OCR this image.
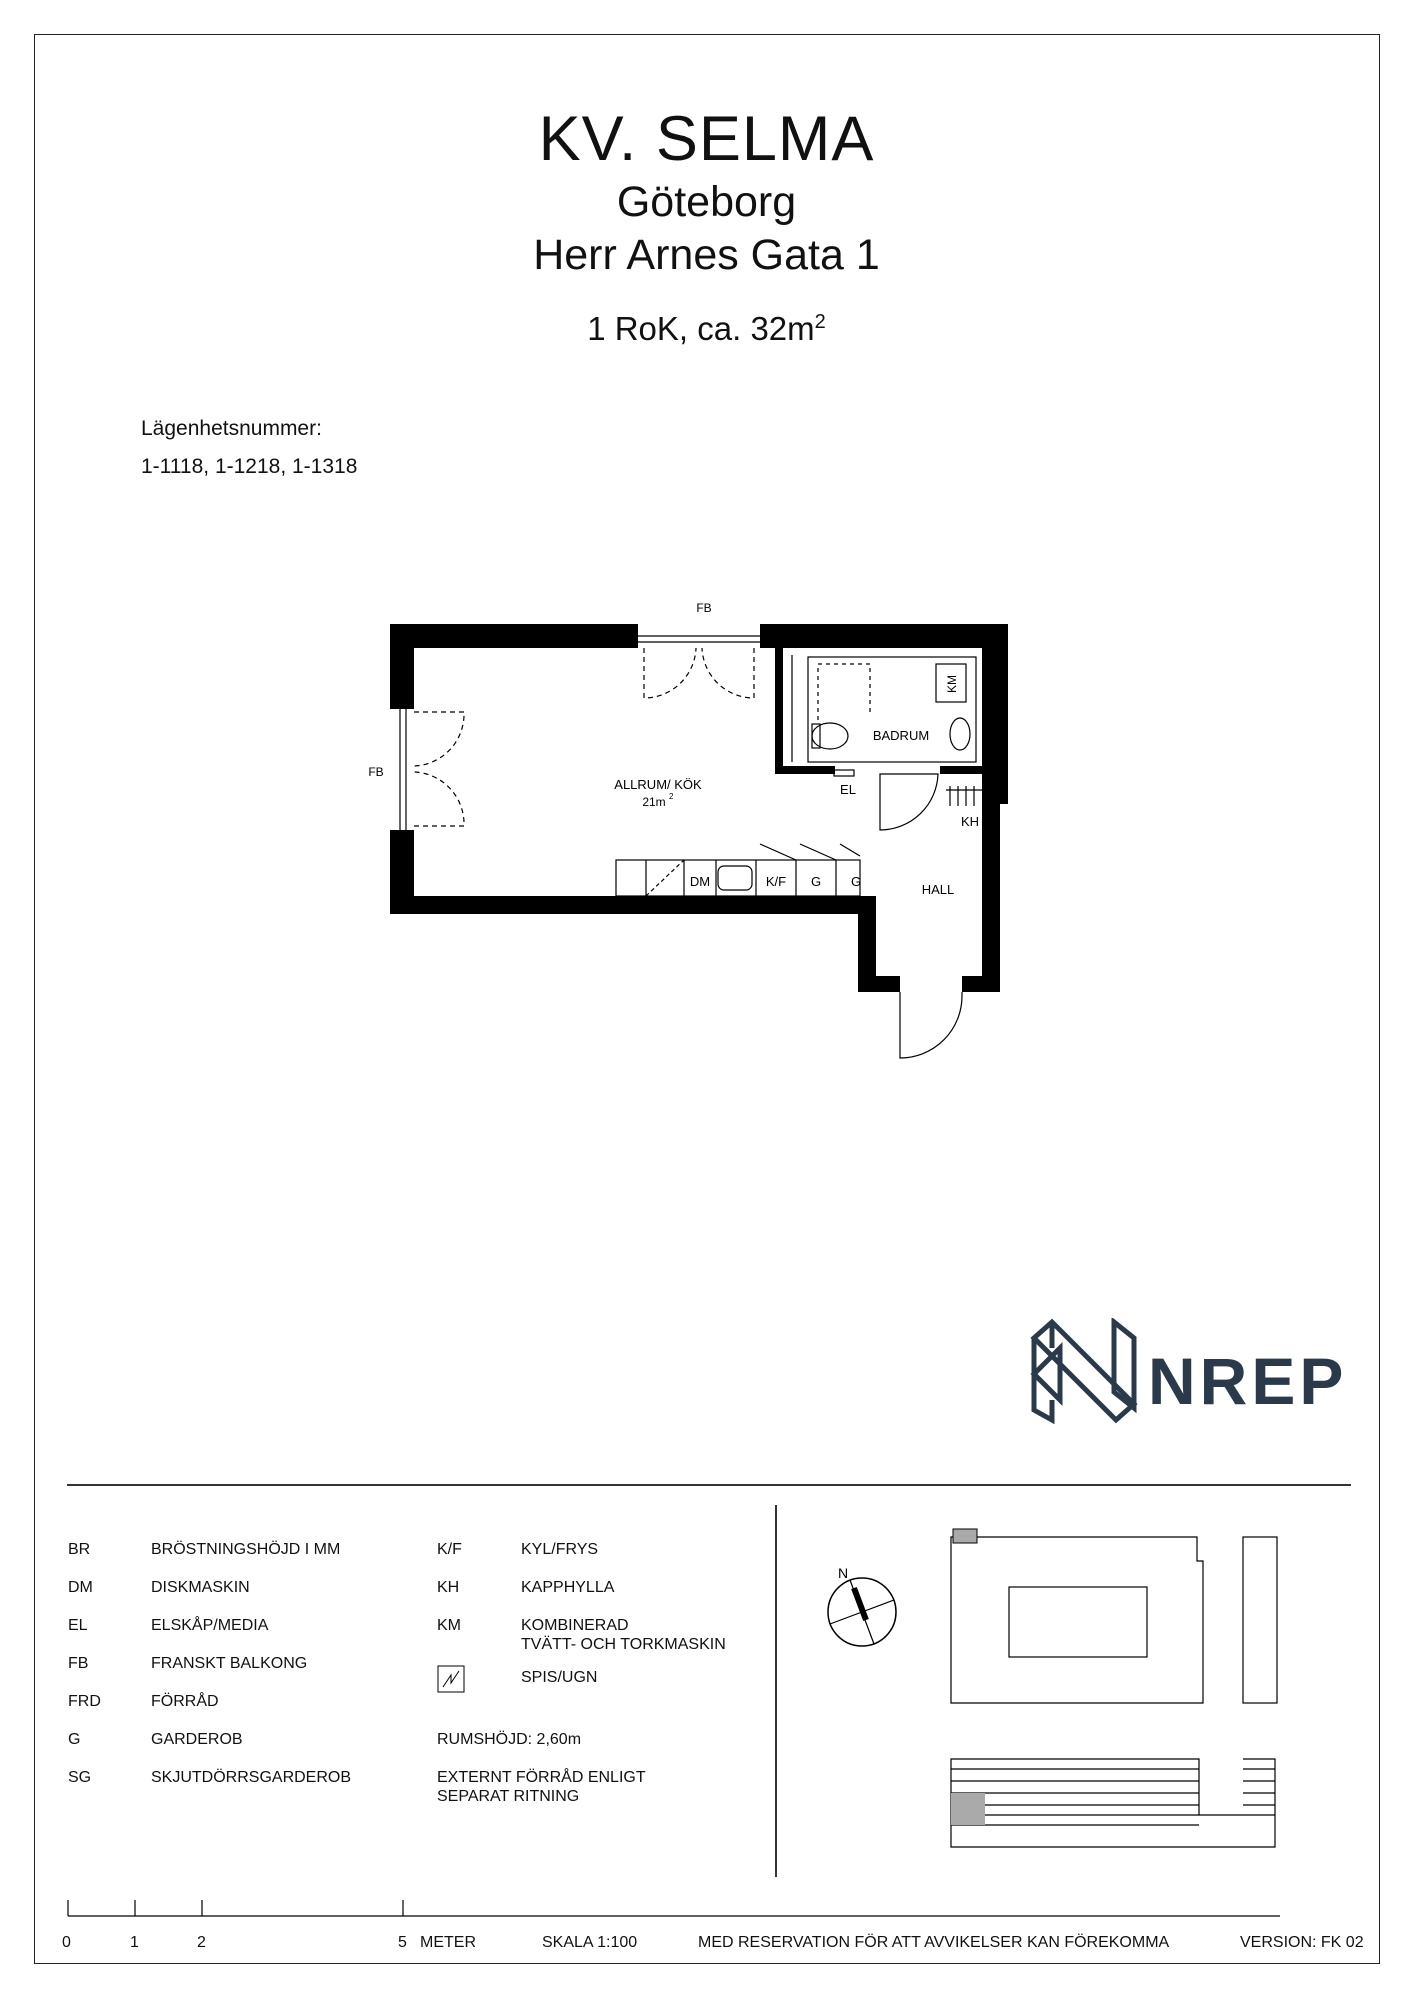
KV. SELMA
Göteborg
Herr Arnes Gata 1
1 RoK, ca. $32m^2$
Lägenhetsnummer:
1-1118, 1-1218, 1-1318
FB
FB
ALLRUM/ KÖK
21m 2
BADRUM
KM
EL
KH
HALL
DM	K/F G G
NREP
BR	BRÖSTNINGSHÖJD I MM
DM	DISKMASKIN
EL	ELSKÅP/MEDIA
FB	FRANSKT BALKONG
FRD	FÖRRÅD
G	GARDEROB
SG	SKJUTDÖRRSGARDEROB
K/F	KYL/FRYS
KH	KAPPHYLLA
KM	KOMBINERAD
TVÄTT- OCH TORKMASKIN
SPIS/UGN
RUMSHÖJD: 2,60m
EXTERNT FÖRRÅD ENLIGT
SEPARAT RITNING
N
0	1	2	5 METER	SKALA 1:100	MED RESERVATION FÖR ATT AVVIKELSER KAN FÖREKOMMA	VERSION: FK 02
